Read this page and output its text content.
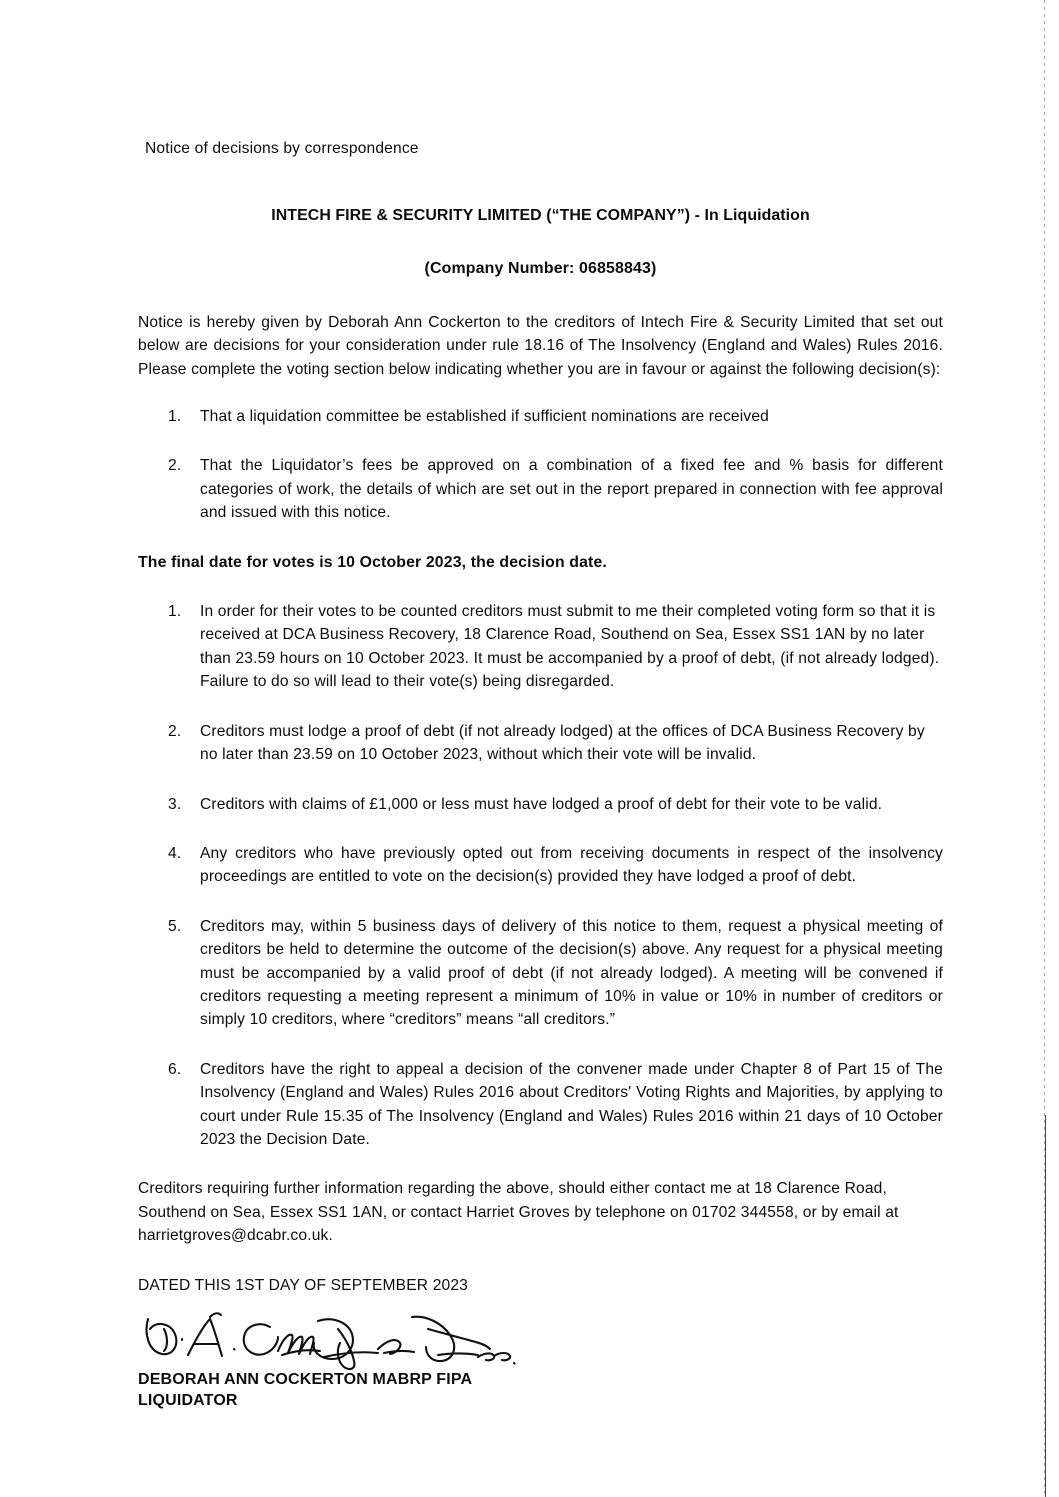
Notice of decisions by correspondence

INTECH FIRE & SECURITY LIMITED (“THE COMPANY”) - In Liquidation

(Company Number: 06858843)

Notice is hereby given by Deborah Ann Cockerton to the creditors of Intech Fire & Security Limited that set out below are decisions for your consideration under rule 18.16 of The Insolvency (England and Wales) Rules 2016. Please complete the voting section below indicating whether you are in favour or against the following decision(s):

1.	That a liquidation committee be established if sufficient nominations are received
2.	That the Liquidator’s fees be approved on a combination of a fixed fee and % basis for different categories of work, the details of which are set out in the report prepared in connection with fee approval and issued with this notice.

The final date for votes is 10 October 2023, the decision date.

1.	In order for their votes to be counted creditors must submit to me their completed voting form so that it is received at DCA Business Recovery, 18 Clarence Road, Southend on Sea, Essex SS1 1AN by no later than 23.59 hours on 10 October 2023. It must be accompanied by a proof of debt, (if not already lodged). Failure to do so will lead to their vote(s) being disregarded.
2.	Creditors must lodge a proof of debt (if not already lodged) at the offices of DCA Business Recovery by no later than 23.59 on 10 October 2023, without which their vote will be invalid.
3.	Creditors with claims of £1,000 or less must have lodged a proof of debt for their vote to be valid.
4.	Any creditors who have previously opted out from receiving documents in respect of the insolvency proceedings are entitled to vote on the decision(s) provided they have lodged a proof of debt.
5.	Creditors may, within 5 business days of delivery of this notice to them, request a physical meeting of creditors be held to determine the outcome of the decision(s) above. Any request for a physical meeting must be accompanied by a valid proof of debt (if not already lodged). A meeting will be convened if creditors requesting a meeting represent a minimum of 10% in value or 10% in number of creditors or simply 10 creditors, where “creditors” means “all creditors.”
6.	Creditors have the right to appeal a decision of the convener made under Chapter 8 of Part 15 of The Insolvency (England and Wales) Rules 2016 about Creditors' Voting Rights and Majorities, by applying to court under Rule 15.35 of The Insolvency (England and Wales) Rules 2016 within 21 days of 10 October 2023 the Decision Date.

Creditors requiring further information regarding the above, should either contact me at 18 Clarence Road, Southend on Sea, Essex SS1 1AN, or contact Harriet Groves by telephone on 01702 344558, or by email at harrietgroves@dcabr.co.uk.

DATED THIS 1ST DAY OF SEPTEMBER 2023

DEBORAH ANN COCKERTON MABRP FIPA

LIQUIDATOR
